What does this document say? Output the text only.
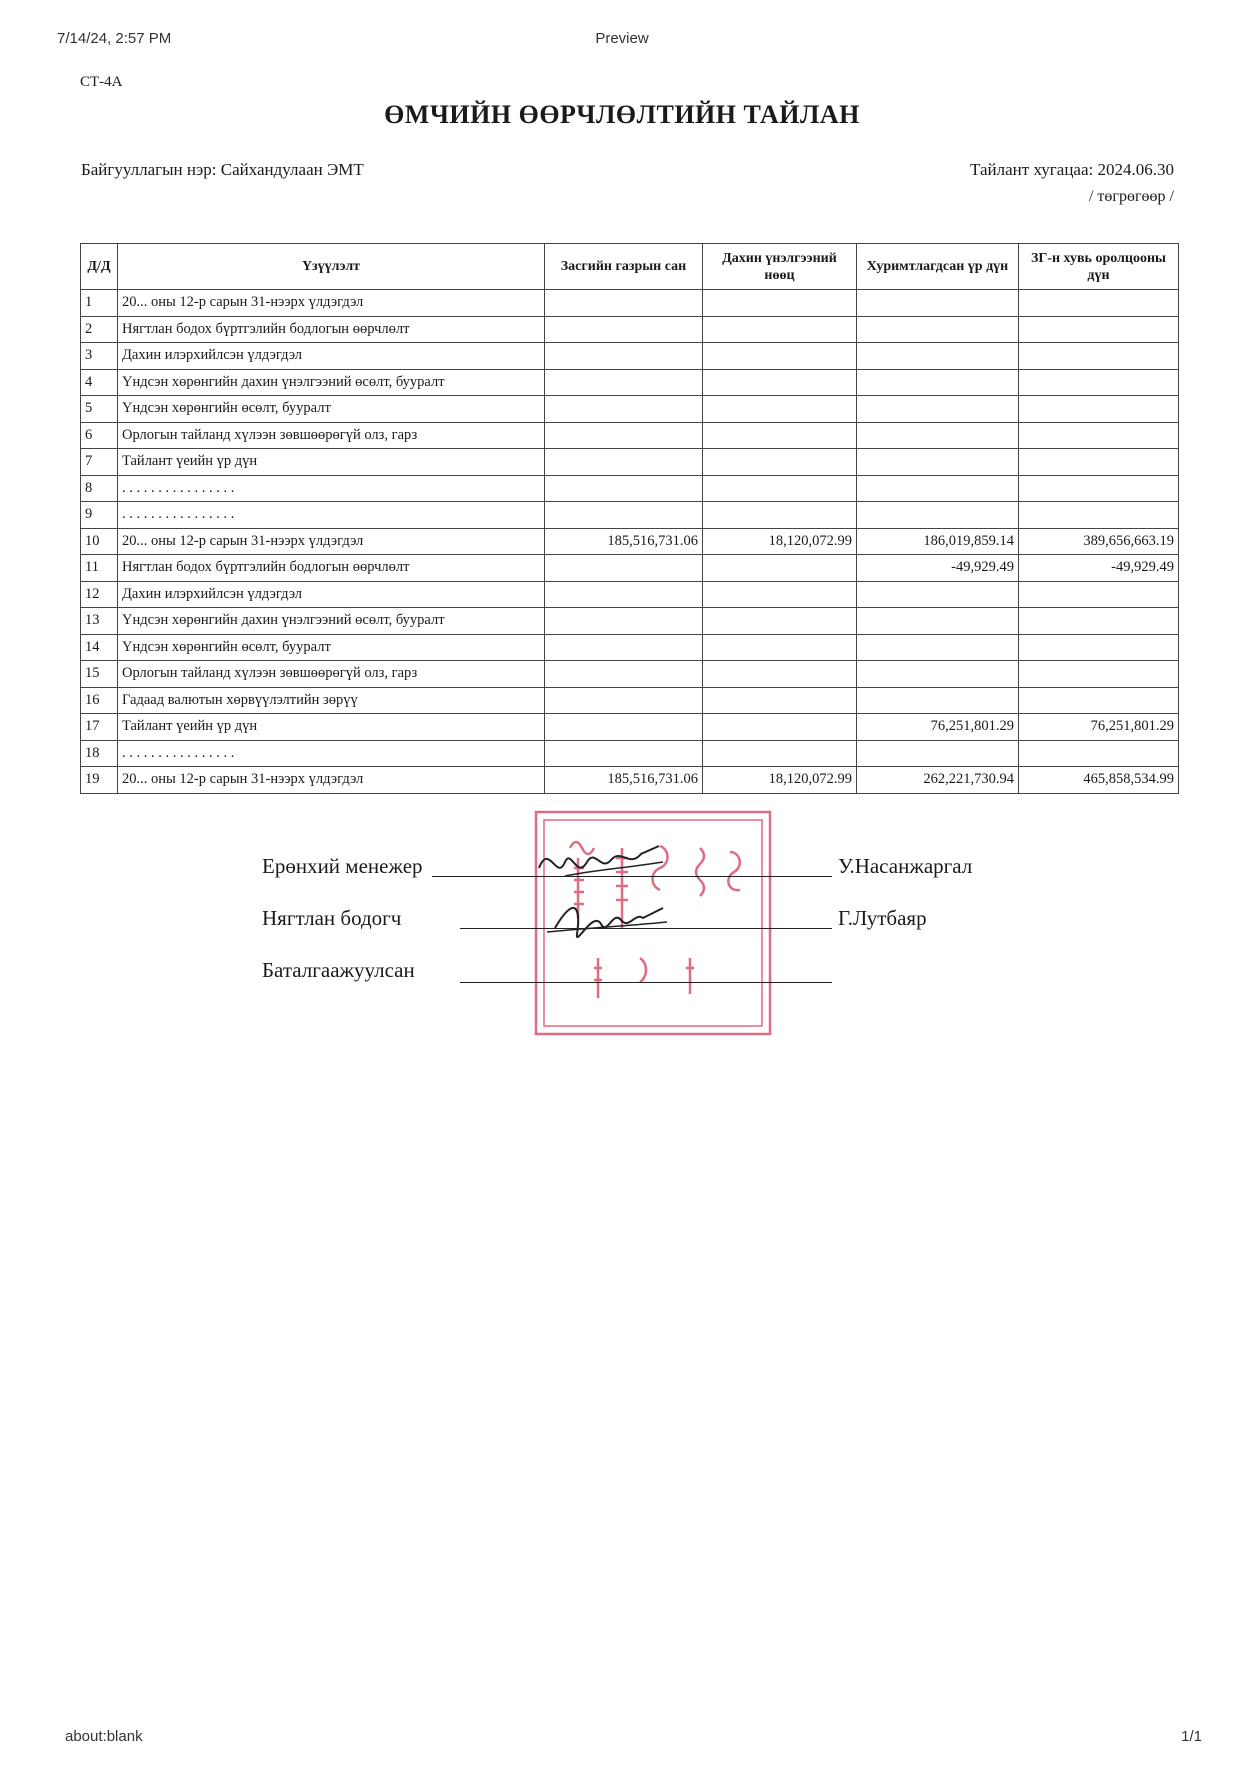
7/14/24, 2:57 PM	Preview
СТ-4А
ӨМЧИЙН ӨӨРЧЛӨЛТИЙН ТАЙЛАН
Байгууллагын нэр: Сайхандулаан ЭМТ	Тайлант хугацаа: 2024.06.30
/ төгрөгөөр /
Д/Д	Үзүүлэлт	Засгийн газрын сан	Дахин үнэлгээний нөөц	Хуримтлагдсан үр дүн	ЗГ-н хувь оролцооны дүн
1	20... оны 12-р сарын 31-нээрх үлдэгдэл				
2	Нягтлан бодох бүртгэлийн бодлогын өөрчлөлт				
3	Дахин илэрхийлсэн үлдэгдэл				
4	Үндсэн хөрөнгийн дахин үнэлгээний өсөлт, бууралт				
5	Үндсэн хөрөнгийн өсөлт, бууралт				
6	Орлогын тайланд хүлээн зөвшөөрөгүй олз, гарз				
7	Тайлант үеийн үр дүн				
8	. . . . . . . . . . . . . . . .				
9	. . . . . . . . . . . . . . . .				
10	20... оны 12-р сарын 31-нээрх үлдэгдэл	185,516,731.06	18,120,072.99	186,019,859.14	389,656,663.19
11	Нягтлан бодох бүртгэлийн бодлогын өөрчлөлт			-49,929.49	-49,929.49
12	Дахин илэрхийлсэн үлдэгдэл				
13	Үндсэн хөрөнгийн дахин үнэлгээний өсөлт, бууралт				
14	Үндсэн хөрөнгийн өсөлт, бууралт				
15	Орлогын тайланд хүлээн зөвшөөрөгүй олз, гарз				
16	Гадаад валютын хөрвүүлэлтийн зөрүү				
17	Тайлант үеийн үр дүн			76,251,801.29	76,251,801.29
18	. . . . . . . . . . . . . . . .				
19	20... оны 12-р сарын 31-нээрх үлдэгдэл	185,516,731.06	18,120,072.99	262,221,730.94	465,858,534.99
Ерөнхий менежер	У.Насанжаргал
Нягтлан бодогч	Г.Лутбаяр
Баталгаажуулсан
about:blank	1/1
